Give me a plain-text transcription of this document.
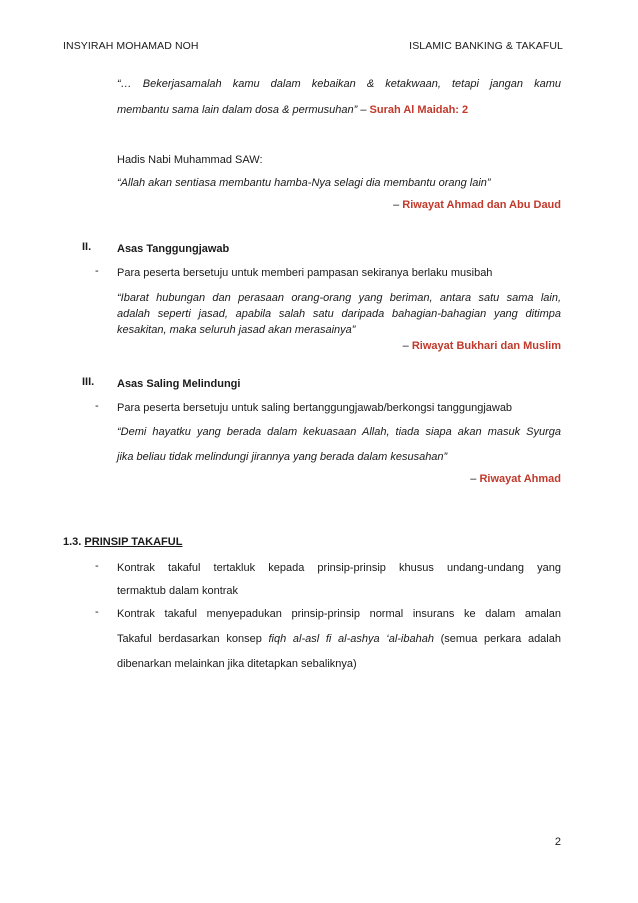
INSYIRAH MOHAMAD NOH	ISLAMIC BANKING & TAKAFUL
“… Bekerjasamalah kamu dalam kebaikan & ketakwaan, tetapi jangan kamu
membantu sama lain dalam dosa & permusuhan” – Surah Al Maidah: 2
Hadis Nabi Muhammad SAW:
“Allah akan sentiasa membantu hamba-Nya selagi dia membantu orang lain”
– Riwayat Ahmad dan Abu Daud
II. Asas Tanggungjawab
- Para peserta bersetuju untuk memberi pampasan sekiranya berlaku musibah
“Ibarat hubungan dan perasaan orang-orang yang beriman, antara satu sama lain,
adalah seperti jasad, apabila salah satu daripada bahagian-bahagian yang ditimpa
kesakitan, maka seluruh jasad akan merasainya”
– Riwayat Bukhari dan Muslim
III. Asas Saling Melindungi
- Para peserta bersetuju untuk saling bertanggungjawab/berkongsi tanggungjawab
“Demi hayatku yang berada dalam kekuasaan Allah, tiada siapa akan masuk Syurga
jika beliau tidak melindungi jirannya yang berada dalam kesusahan”
– Riwayat Ahmad
1.3. PRINSIP TAKAFUL
- Kontrak takaful tertakluk kepada prinsip-prinsip khusus undang-undang yang
termaktub dalam kontrak
- Kontrak takaful menyepadukan prinsip-prinsip normal insurans ke dalam amalan
Takaful berdasarkan konsep fiqh al-asl fi al-ashya ‘al-ibahah (semua perkara adalah
dibenarkan melainkan jika ditetapkan sebaliknya)
2
